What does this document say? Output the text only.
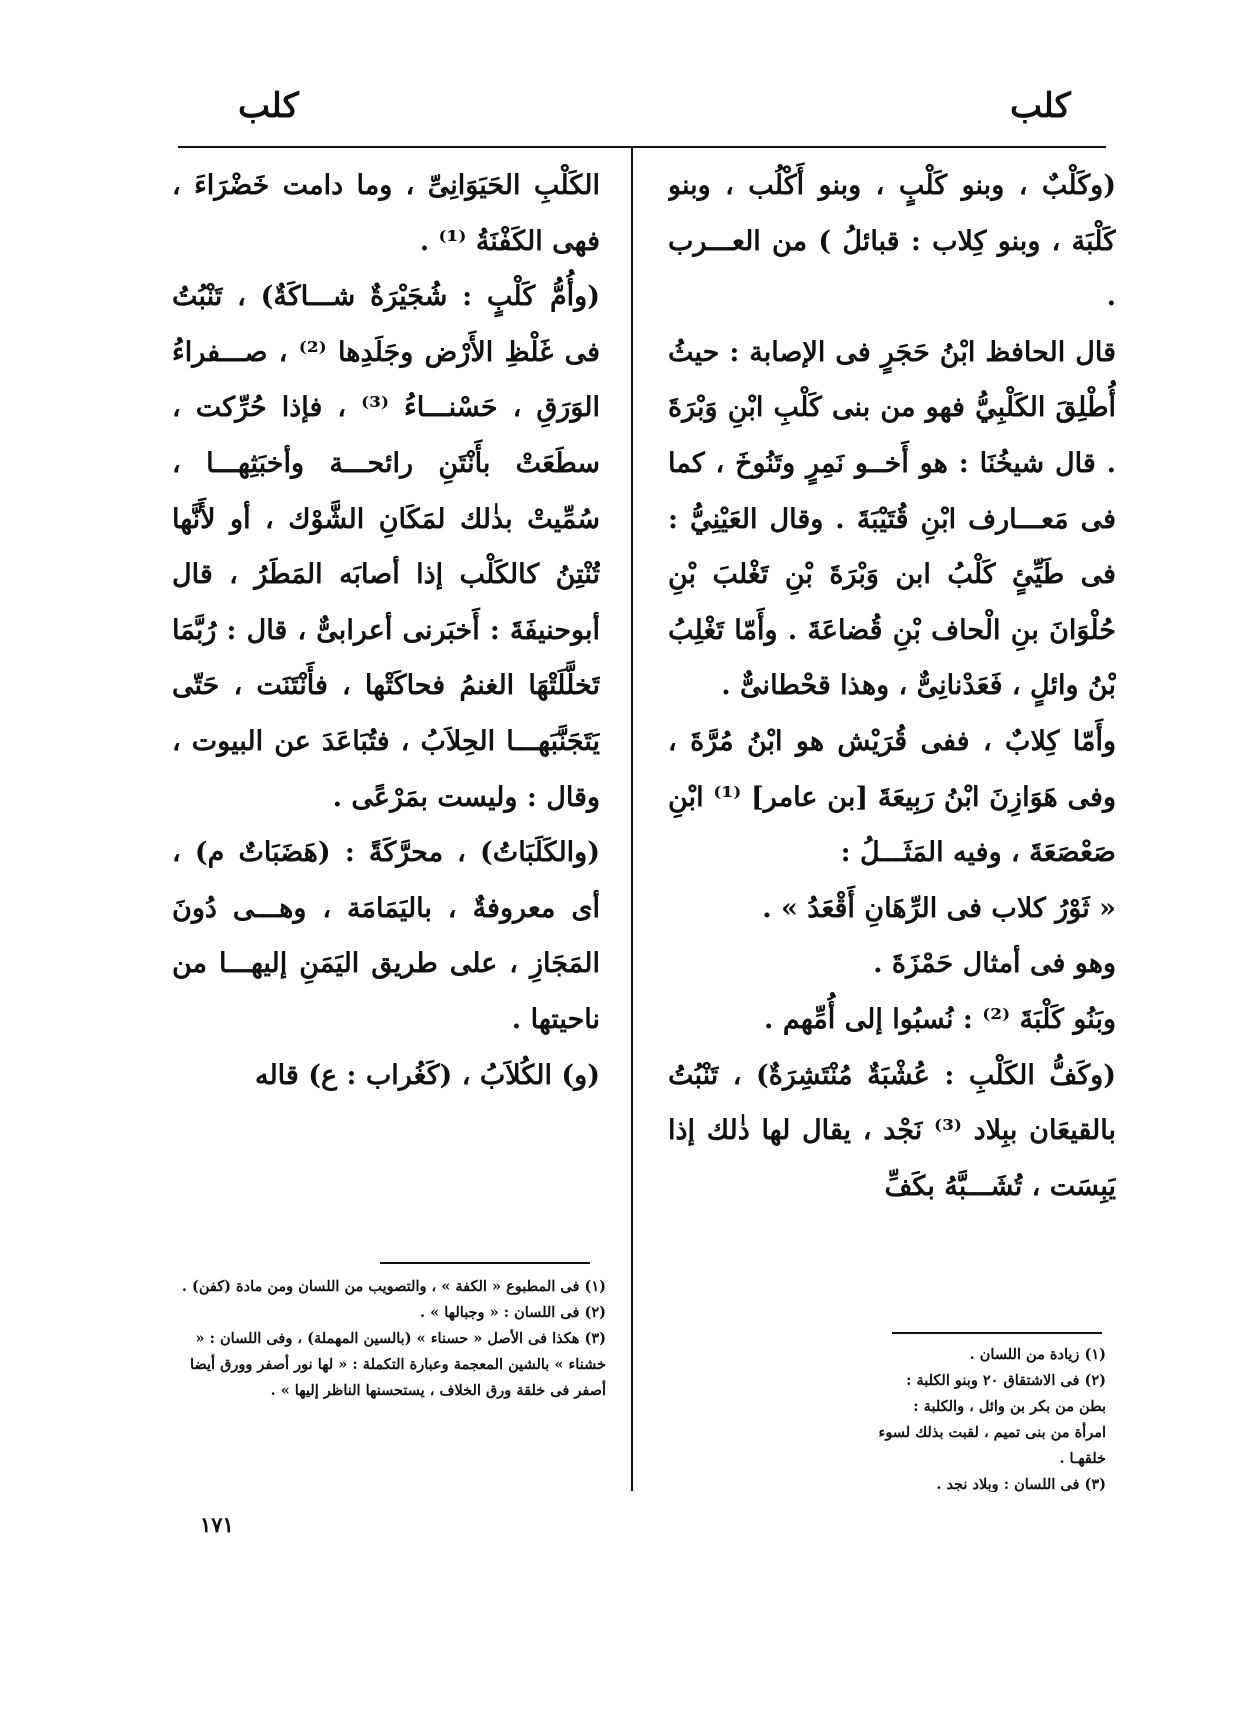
كلب
كلب

(وكَلْبٌ ، وبنو كَلْبٍ ، وبنو أَكْلُب ، وبنو كَلْبَة ، وبنو كِلاب : قبائلُ ) من العـــرب .

قال الحافظ ابْنُ حَجَرٍ فى الإصابة : حيثُ أُطْلِقَ الكَلْبِيُّ فهو من بنى كَلْبِ ابْنِ وَبْرَةَ . قال شيخُنَا : هو أَخــو نَمِرٍ وتَنُوخَ ، كما فى مَعـــارف ابْنِ قُتَيْبَةَ . وقال العَيْنِيُّ : فى طَيِّئٍ كَلْبُ ابن وَبْرَةَ بْنِ تَغْلبَ بْنِ حُلْوَانَ بنِ الْحاف بْنِ قُضاعَةَ . وأَمّا تَغْلِبُ بْنُ وائلٍ ، فَعَدْنانِىٌّ ، وهذا قحْطانىٌّ .

وأَمّا كِلابٌ ، ففى قُرَيْش هو ابْنُ مُرَّةَ ، وفى هَوَازِنَ ابْنُ رَبِيعَةَ [بن عامر] ⁽¹⁾ ابْنِ صَعْصَعَةَ ، وفيه المَثَـــلُ :

« ثَوْرُ كلاب فى الرِّهَانِ أَقْعَدُ » .

وهو فى أمثال حَمْزَةَ .

وبَنُو كَلْبَةَ ⁽²⁾ : نُسبُوا إلى أُمِّهم .

(وكَفُّ الكَلْبِ : عُشْبَةٌ مُنْتَشِرَةٌ) ، تَنْبُتُ بالقيعَان ببِلاد ⁽³⁾ نَجْد ، يقال لها ذٰلك إذا يَبِسَت ، تُشَـــبَّهُ بكَفِّ

الكَلْبِ الحَيَوَانِىِّ ، وما دامت خَضْرَاءَ ، فهى الكَفْنَةُ ⁽¹⁾ .

(وأُمُّ كَلْبٍ : شُجَيْرَةٌ شـــاكَةٌ) ، تَنْبُتُ فى غَلْظِ الأَرْض وجَلَدِها ⁽²⁾ ، صـــفراءُ الوَرَقِ ، حَسْنـــاءُ ⁽³⁾ ، فإذا حُرِّكت ، سطَعَتْ بأَنْتَنِ رائحـــة وأخبَثِهـــا ، سُمِّيتْ بذٰلك لمَكَانِ الشَّوْك ، أو لأَنَّها تُنْتِنُ كالكَلْب إذا أصابَه المَطَرُ ، قال أبوحنيفَةَ : أَخبَرنى أعرابىٌّ ، قال : رُبَّمَا تَخلَّلَتْهَا الغنمُ فحاكَتْها ، فأَنْتَنَت ، حَتّى يَتَجَنَّبَهـــا الحِلاَبُ ، فتُبَاعَدَ عن البيوت ، وقال : وليست بمَرْعًى .

(والكَلَبَاتُ) ، محرَّكَةً : (هَضَبَاتٌ م) ، أى معروفةٌ ، باليَمَامَة ، وهـــى دُونَ المَجَازِ ، على طريق اليَمَنِ إليهـــا من ناحيتها .

(و) الكُلاَبُ ، (كَغُراب : ع) قاله

(١) زيادة من اللسان .

(٢) فى الاشتقاق ٢٠ وبنو الكلبة : بطن من بكر بن وائل ، والكلبة : امرأة من بنى تميم ، لقبت بذلك لسوء خلقهـا .

(٣) فى اللسان : وبلاد نجد .

(١) فى المطبوع « الكفة » ، والتصويب من اللسان ومن مادة (كفن) .

(٢) فى اللسان : « وجبالها » .

(٣) هكذا فى الأصل « حسناء » (بالسين المهملة) ، وفى اللسان : « خشناء » بالشين المعجمة وعبارة التكملة : « لها نور أصفر وورق أيضا أصفر فى خلقة ورق الخلاف ، يستحسنها الناظر إليها » .

١٧١
